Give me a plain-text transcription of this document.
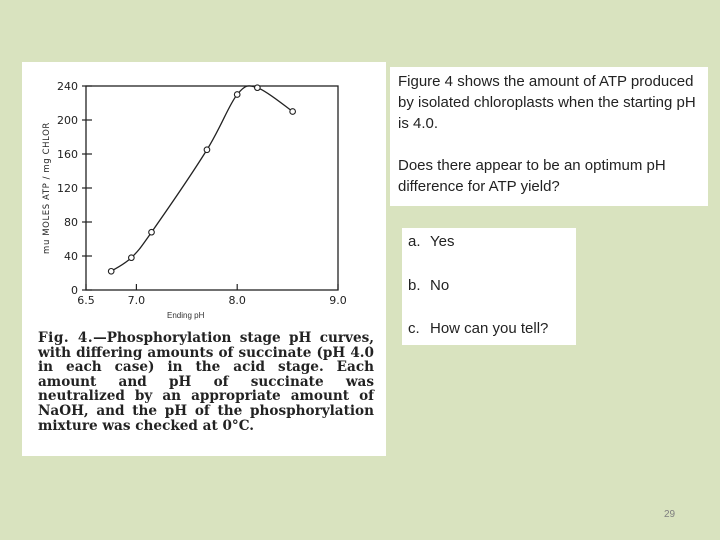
mu MOLES ATP / mg CHLOR
0
40
80
120
160
200
240
6.5	7.0	8.0	9.0
Ending pH
Fig. 4.—Phosphorylation stage pH curves, with differing amounts of succinate (pH 4.0 in each case) in the acid stage. Each amount and pH of succinate was neutralized by an appropriate amount of NaOH, and the pH of the phosphorylation mixture was checked at 0°C.

Figure 4 shows the amount of ATP produced by isolated chloroplasts when the starting pH is 4.0.

Does there appear to be an optimum pH difference for ATP yield?

a. Yes
b. No
c. How can you tell?
29
